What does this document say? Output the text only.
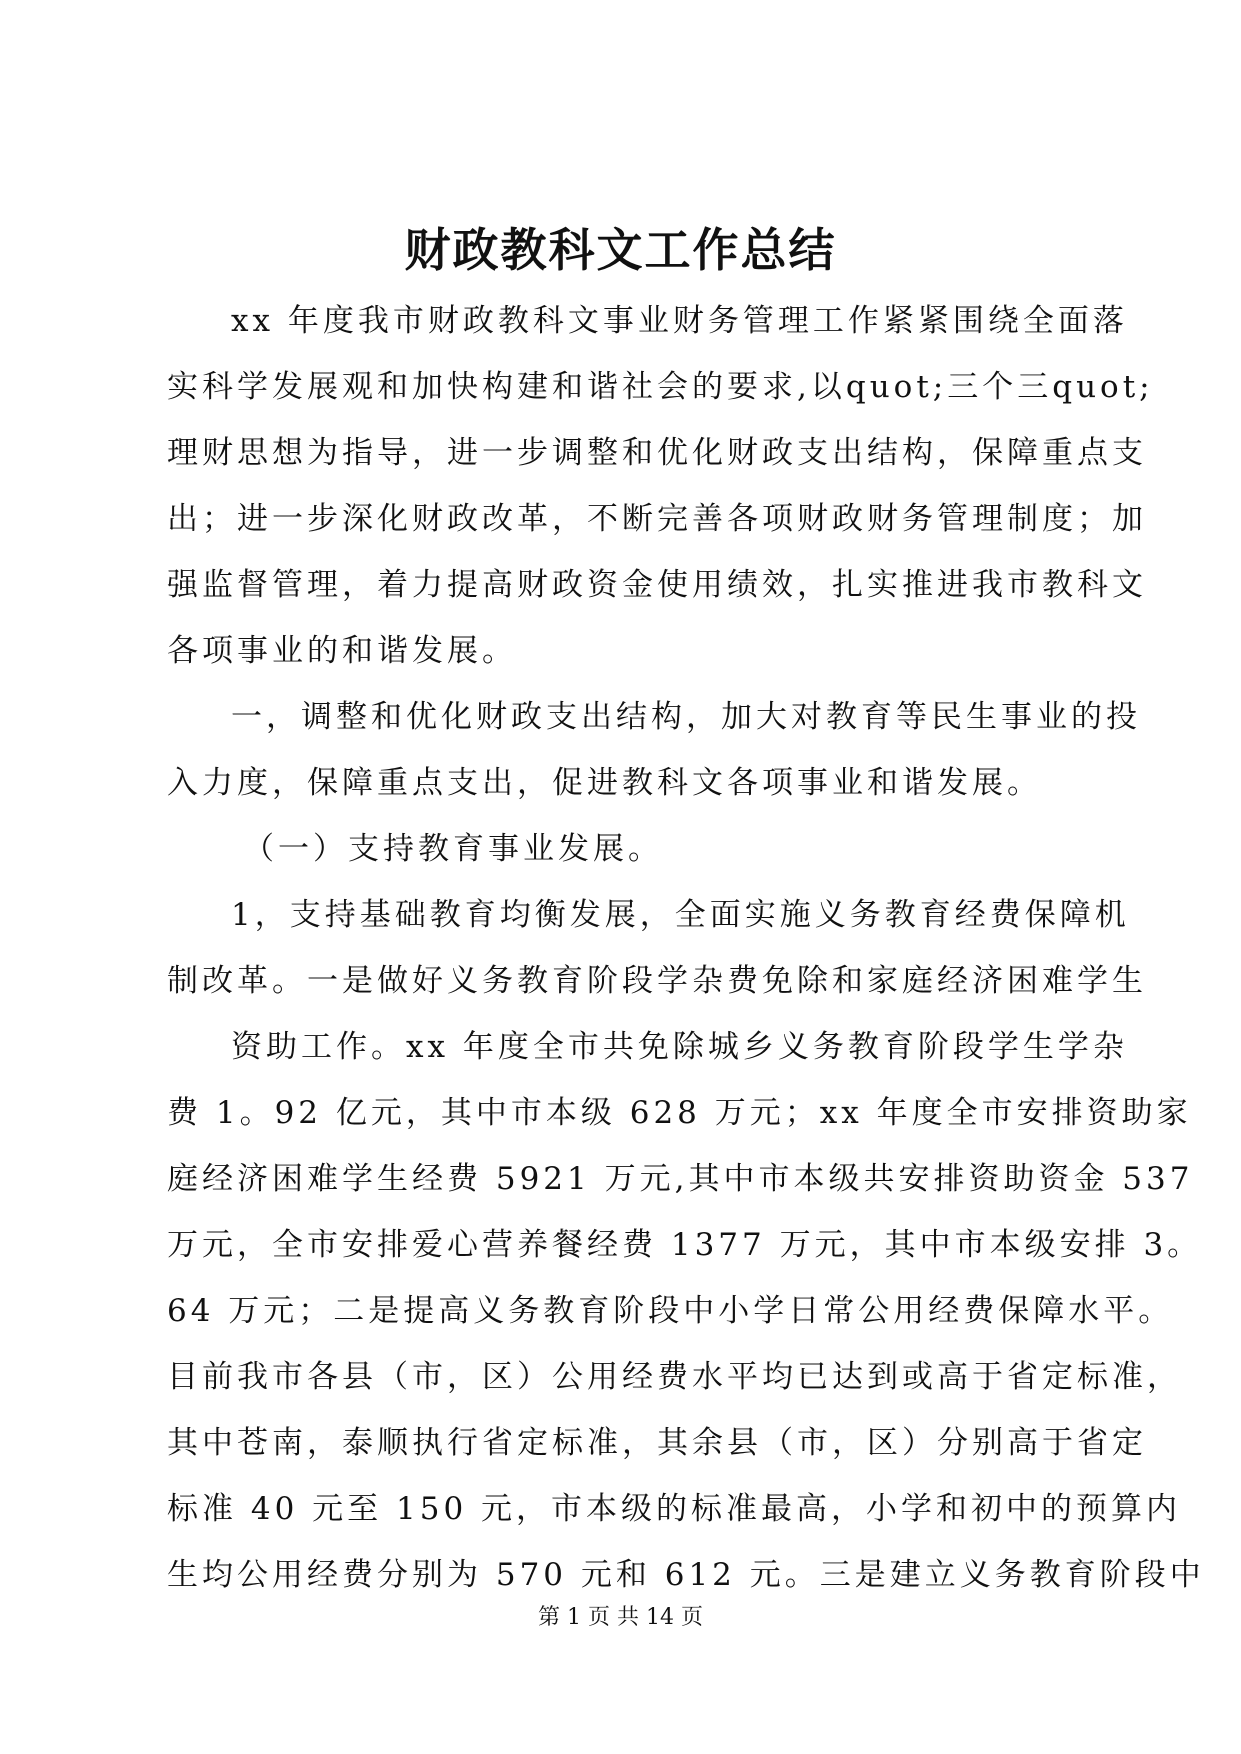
财政教科文工作总结

xx 年度我市财政教科文事业财务管理工作紧紧围绕全面落

实科学发展观和加快构建和谐社会的要求,以quot;三个三quot;

理财思想为指导，进一步调整和优化财政支出结构，保障重点支

出；进一步深化财政改革，不断完善各项财政财务管理制度；加

强监督管理，着力提高财政资金使用绩效，扎实推进我市教科文

各项事业的和谐发展。

一，调整和优化财政支出结构，加大对教育等民生事业的投

入力度，保障重点支出，促进教科文各项事业和谐发展。

（一）支持教育事业发展。

1，支持基础教育均衡发展，全面实施义务教育经费保障机

制改革。一是做好义务教育阶段学杂费免除和家庭经济困难学生

资助工作。xx 年度全市共免除城乡义务教育阶段学生学杂

费 1。92 亿元，其中市本级 628 万元；xx 年度全市安排资助家

庭经济困难学生经费 5921 万元,其中市本级共安排资助资金 537

万元，全市安排爱心营养餐经费 1377 万元，其中市本级安排 3。

64 万元；二是提高义务教育阶段中小学日常公用经费保障水平。

目前我市各县（市，区）公用经费水平均已达到或高于省定标准，

其中苍南，泰顺执行省定标准，其余县（市，区）分别高于省定

标准 40 元至 150 元，市本级的标准最高，小学和初中的预算内

生均公用经费分别为 570 元和 612 元。三是建立义务教育阶段中

第 1 页 共 14 页
